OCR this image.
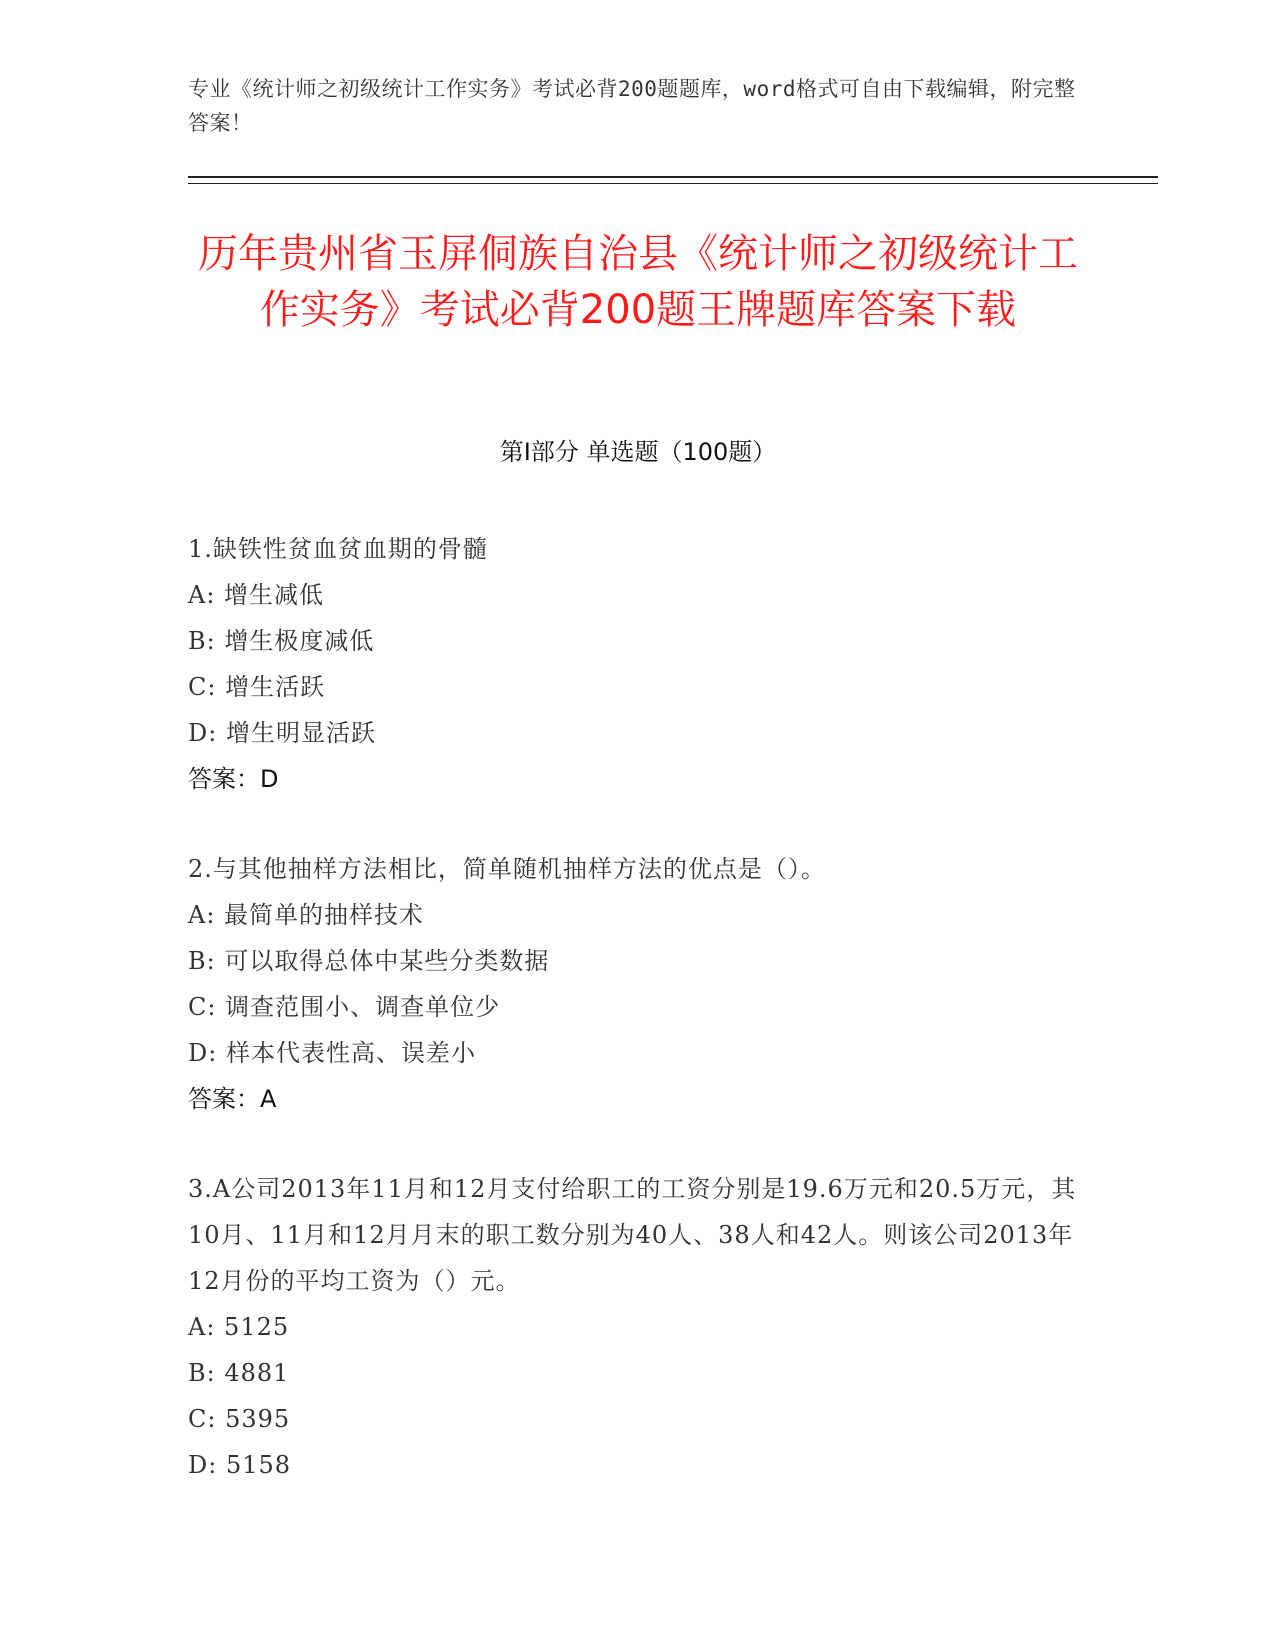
专业《统计师之初级统计工作实务》考试必背200题题库，word格式可自由下载编辑，附完整答案！
历年贵州省玉屏侗族自治县《统计师之初级统计工作实务》考试必背200题王牌题库答案下载
第Ⅰ部分 单选题（100题）
1.缺铁性贫血贫血期的骨髓
A: 增生减低
B: 增生极度减低
C: 增生活跃
D: 增生明显活跃
答案：D
2.与其他抽样方法相比，简单随机抽样方法的优点是（）。
A: 最简单的抽样技术
B: 可以取得总体中某些分类数据
C: 调查范围小、调查单位少
D: 样本代表性高、误差小
答案：A
3.A公司2013年11月和12月支付给职工的工资分别是19.6万元和20.5万元，其10月、11月和12月月末的职工数分别为40人、38人和42人。则该公司2013年12月份的平均工资为（）元。
A: 5125
B: 4881
C: 5395
D: 5158
